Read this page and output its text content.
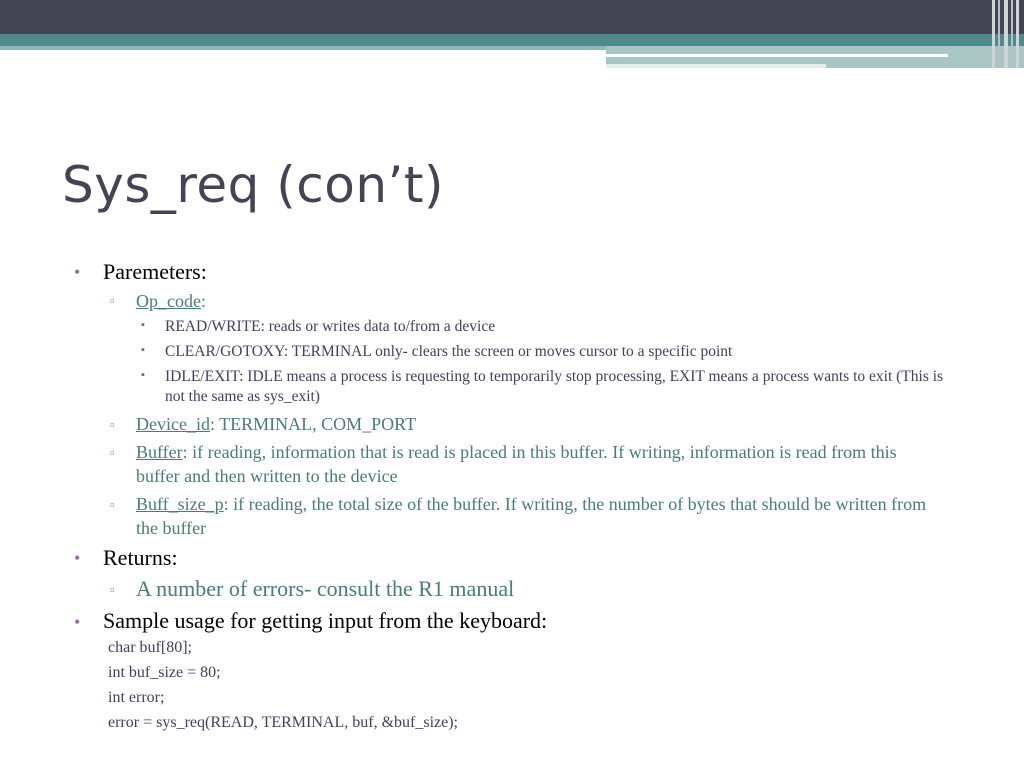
Sys_req (con’t)
• Paremeters:
▫ Op_code:
▪ READ/WRITE: reads or writes data to/from a device
▪ CLEAR/GOTOXY: TERMINAL only- clears the screen or moves cursor to a specific point
▪ IDLE/EXIT: IDLE means a process is requesting to temporarily stop processing, EXIT means a process wants to exit (This is not the same as sys_exit)
▫ Device_id: TERMINAL, COM_PORT
▫ Buffer: if reading, information that is read is placed in this buffer. If writing, information is read from this buffer and then written to the device
▫ Buff_size_p: if reading, the total size of the buffer. If writing, the number of bytes that should be written from the buffer
• Returns:
▫ A number of errors- consult the R1 manual
• Sample usage for getting input from the keyboard:
char buf[80];
int buf_size = 80;
int error;
error = sys_req(READ, TERMINAL, buf, &buf_size);
